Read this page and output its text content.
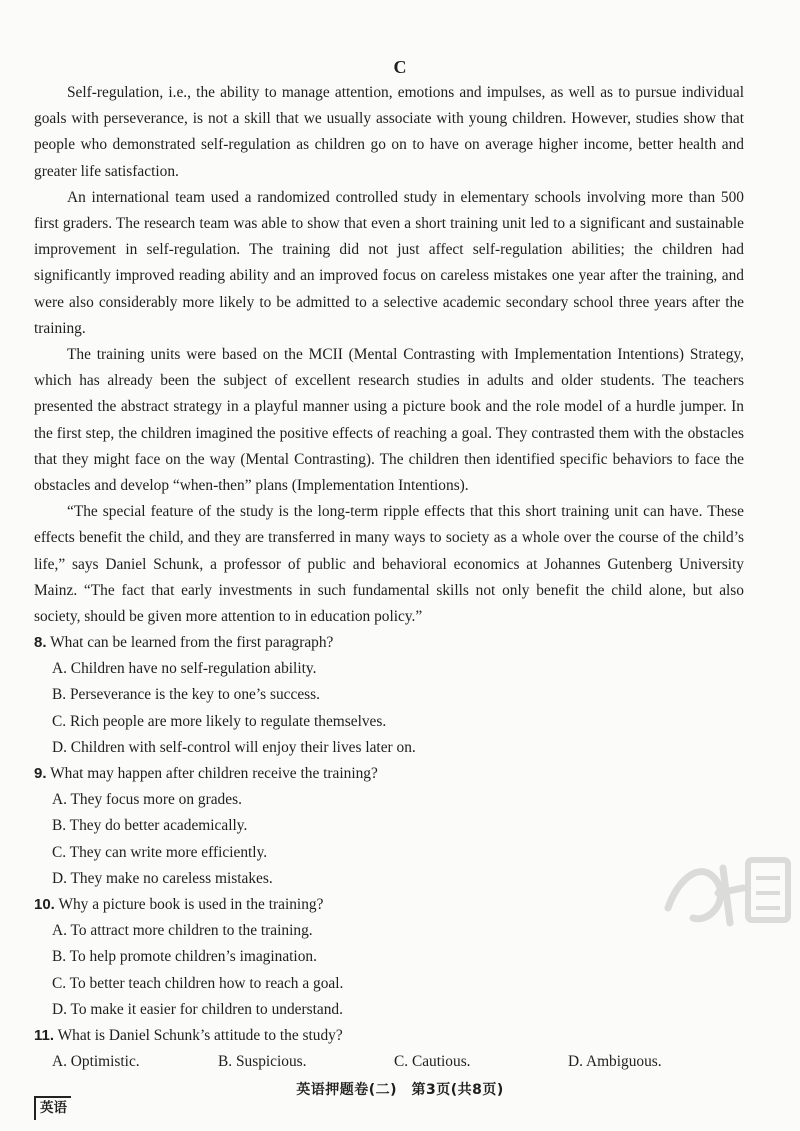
C

Self-regulation, i.e., the ability to manage attention, emotions and impulses, as well as to pursue individual goals with perseverance, is not a skill that we usually associate with young children. However, studies show that people who demonstrated self-regulation as children go on to have on average higher income, better health and greater life satisfaction.

An international team used a randomized controlled study in elementary schools involving more than 500 first graders. The research team was able to show that even a short training unit led to a significant and sustainable improvement in self-regulation. The training did not just affect self-regulation abilities; the children had significantly improved reading ability and an improved focus on careless mistakes one year after the training, and were also considerably more likely to be admitted to a selective academic secondary school three years after the training.

The training units were based on the MCII (Mental Contrasting with Implementation Intentions) Strategy, which has already been the subject of excellent research studies in adults and older students. The teachers presented the abstract strategy in a playful manner using a picture book and the role model of a hurdle jumper. In the first step, the children imagined the positive effects of reaching a goal. They contrasted them with the obstacles that they might face on the way (Mental Contrasting). The children then identified specific behaviors to face the obstacles and develop “when-then” plans (Implementation Intentions).

“The special feature of the study is the long-term ripple effects that this short training unit can have. These effects benefit the child, and they are transferred in many ways to society as a whole over the course of the child’s life,” says Daniel Schunk, a professor of public and behavioral economics at Johannes Gutenberg University Mainz. “The fact that early investments in such fundamental skills not only benefit the child alone, but also society, should be given more attention to in education policy.”

8. What can be learned from the first paragraph?

A. Children have no self-regulation ability.

B. Perseverance is the key to one’s success.

C. Rich people are more likely to regulate themselves.

D. Children with self-control will enjoy their lives later on.

9. What may happen after children receive the training?

A. They focus more on grades.

B. They do better academically.

C. They can write more efficiently.

D. They make no careless mistakes.

10. Why a picture book is used in the training?

A. To attract more children to the training.

B. To help promote children’s imagination.

C. To better teach children how to reach a goal.

D. To make it easier for children to understand.

11. What is Daniel Schunk’s attitude to the study?

A. Optimistic.	B. Suspicious.	C. Cautious.	D. Ambiguous.
英语押题卷(二)　第3页(共8页)
英语
